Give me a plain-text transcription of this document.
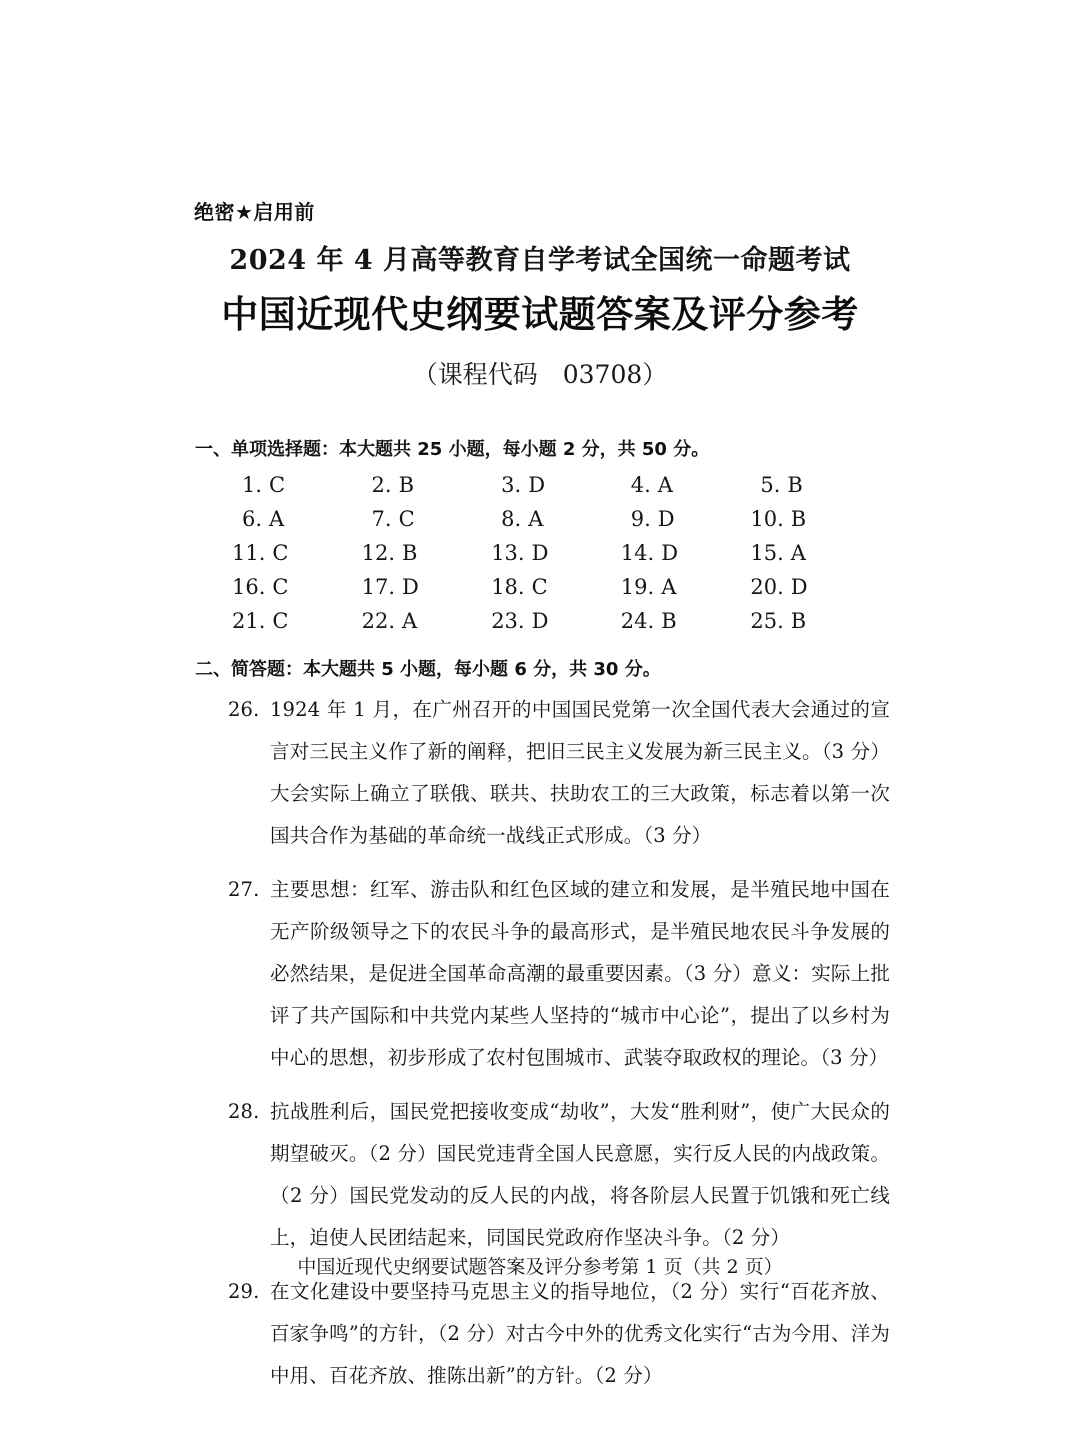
绝密★启用前
2024 年 4 月高等教育自学考试全国统一命题考试
中国近现代史纲要试题答案及评分参考
（课程代码　03708）
一、单项选择题：本大题共 25 小题，每小题 2 分，共 50 分。
1. C	2. B	3. D	4. A	5. B
6. A	7. C	8. A	9. D	10. B
11. C	12. B	13. D	14. D	15. A
16. C	17. D	18. C	19. A	20. D
21. C	22. A	23. D	24. B	25. B
二、简答题：本大题共 5 小题，每小题 6 分，共 30 分。
26. 1924 年 1 月，在广州召开的中国国民党第一次全国代表大会通过的宣言对三民主义作了新的阐释，把旧三民主义发展为新三民主义。（3 分）大会实际上确立了联俄、联共、扶助农工的三大政策，标志着以第一次国共合作为基础的革命统一战线正式形成。（3 分）
27. 主要思想：红军、游击队和红色区域的建立和发展，是半殖民地中国在无产阶级领导之下的农民斗争的最高形式，是半殖民地农民斗争发展的必然结果，是促进全国革命高潮的最重要因素。（3 分）意义：实际上批评了共产国际和中共党内某些人坚持的“城市中心论”，提出了以乡村为中心的思想，初步形成了农村包围城市、武装夺取政权的理论。（3 分）
28. 抗战胜利后，国民党把接收变成“劫收”，大发“胜利财”，使广大民众的期望破灭。（2 分）国民党违背全国人民意愿，实行反人民的内战政策。（2 分）国民党发动的反人民的内战，将各阶层人民置于饥饿和死亡线上，迫使人民团结起来，同国民党政府作坚决斗争。（2 分）
29. 在文化建设中要坚持马克思主义的指导地位，（2 分）实行“百花齐放、百家争鸣”的方针，（2 分）对古今中外的优秀文化实行“古为今用、洋为中用、百花齐放、推陈出新”的方针。（2 分）
中国近现代史纲要试题答案及评分参考第 1 页（共 2 页）
